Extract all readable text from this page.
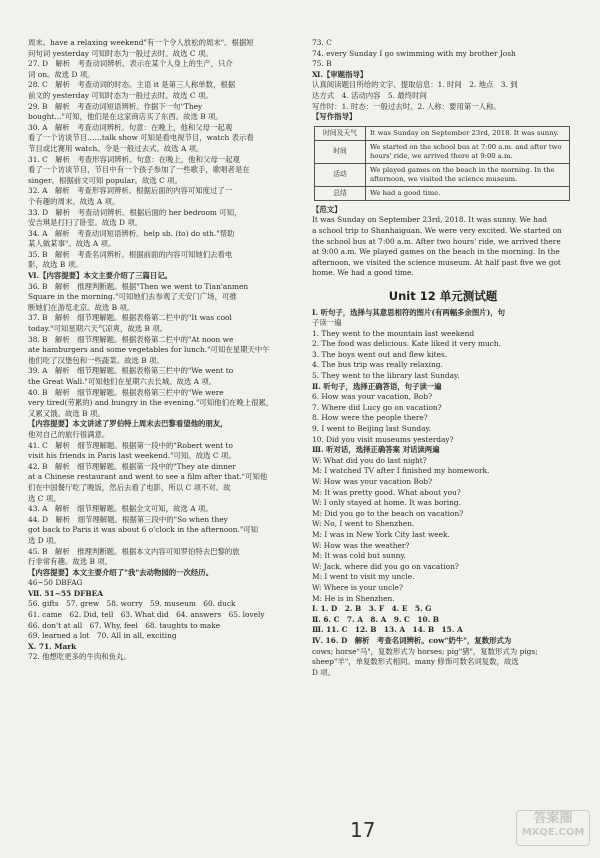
周末。have a relaxing weekend"有一个令人放松的周末"。根据短
问句词 yesterday 可知时态为一般过去时。故选 C 项。
27. D　解析　考查动词辨析。表示在某个人身上的生产，只介
词 on。故选 D 项。
28. C　解析　考查动词的时态。主语 it 是第三人称单数，根据
前文的 yesterday 可知时态为一般过去时。故选 C 项。
29. B　解析　考查动词短语辨析。作据下一句"They
bought..."可知，他们是在这家商店买了东西。故选 B 项。
30. A　解析　考查动词辨析。句意：在晚上，他和父母一起观
看了一个访谈节目……talk show 可知是看电视节目，watch 表示看
节目或比赛用 watch。令是一般过去式。故选 A 项。
31. C　解析　考查形容词辨析。句意：在晚上，他和父母一起观
看了一个访谈节目，节目中有一个孩子参加了一些歌手，歌唱者是在
singer。根据前文可知 popular。故选 C 项。
32. A　解析　考查形容词辨析。根据后面的内容可知度过了一
个有趣的周末。故选 A 项。
33. D　解析　考查动词辨析。根据后面的 her bedroom 可知，
安吉琪是打扫了卧室。故选 D 项。
34. A　解析　考查动词短语辨析。help sb. (to) do sth."帮助
某人做某事"。故选 A 项。
35. B　解析　考查名词辨析。根据前面的内容可知她们去看电
影，故选 B 项。
Ⅵ.【内容提要】本文主要介绍了三篇日记。
36. B　解析　推理判断题。根据"Then we went to Tian'anmen
Square in the morning."可知她们去参观了天安门广场，可推
断她们在游览北京。故选 B 项。
37. B　解析　细节理解题。根据表格第二栏中的"It was cool
today."可知星期六天气凉爽，故选 B 项。
38. B　解析　细节理解题。根据表格第二栏中的"At noon we
ate hamburgers and some vegetables for lunch."可知在星期天中午
他们吃了汉堡包和一些蔬菜。故选 B 项。
39. A　解析　细节理解题。根据表格第三栏中的"We went to
the Great Wall."可知他们在星期六去长城。故选 A 项。
40. B　解析　细节理解题。根据表格第三栏中的"We were
very tired(劳累的) and hungry in the evening."可知他们在晚上很累，
又累又饿。故选 B 项。
【内容提要】本文讲述了罗伯特上周末去巴黎看望他的朋友，
他对自己的旅行很满意。
41. C　解析　细节理解题。根据第一段中的"Robert went to
visit his friends in Paris last weekend."可知。故选 C 项。
42. B　解析　细节理解题。根据第一段中的"They ate dinner
at a Chinese restaurant and went to see a film after that."可知他
们在中国餐厅吃了晚饭，然后去看了电影，所以 C 项不对。故
选 C 项。
43. A　解析　细节理解题。根据全文可知，故选 A 项。
44. D　解析　细节理解题。根据第三段中的"So when they
got back to Paris it was about 6 o'clock in the afternoon."可知
选 D 项。
45. B　解析　推理判断题。根据本文内容可知罗伯特去巴黎的旅
行非常有趣。故选 B 项。
【内容提要】本文主要介绍了"我"去动物园的一次经历。
46~50 DBFAG
Ⅶ. 51~55 DFBEA
56. gifts　57. grew　58. worry　59. museum　60. duck
61. came　62. Did, tell　63. What did　64. answers　65. lovely
66. don't at all　67. Why, feel　68. taughts to make
69. learned a lot　70. All in all, exciting
Ⅹ. 71. Mark
72. 他想吃更多的牛肉和鱼丸。
73. C
74. every Sunday I go swimming with my brother Josh
75. B
Ⅺ.【审题指导】
认真阅读题目所给的文字、提取信息：1. 时间　2. 地点　3. 到
达方式　4. 活动内容　5. 最终时间
写作时：1. 时态：一般过去时。2. 人称：要用第一人称。
【写作指导】
时间及天气	It was Sunday on September 23rd, 2018. It was sunny.
时间	We started on the school bus at 7:00 a.m. and after two hours' ride, we arrived there at 9:00 a.m.
活动	We played games on the beach in the morning. In the afternoon, we visited the science museum.
总结	We had a good time.
【范文】
It was Sunday on September 23rd, 2018. It was sunny. We had
a school trip to Shanhaiguan. We were very excited. We started on
the school bus at 7:00 a.m. After two hours' ride, we arrived there
at 9:00 a.m. We played games on the beach in the morning. In the
afternoon, we visited the science museum. At half past five we got
home. We had a good time.
Unit 12 单元测试题
Ⅰ. 听句子，选择与其意思相符的图片(有两幅多余图片)，句
子读一遍
1. They went to the mountain last weekend
2. The food was delicious. Kate liked it very much.
3. The boys went out and flew kites.
4. The bus trip was really relaxing.
5. They went to the library last Sunday.
Ⅱ. 听句子，选择正确答语，句子读一遍
6. How was your vacation, Bob?
7. Where did Lucy go on vacation?
8. How were the people there?
9. I went to Beijing last Sunday.
10. Did you visit museums yesterday?
Ⅲ. 听对话，选择正确答案 对话读两遍
W: What did you do last night?
M: I watched TV after I finished my homework.
W: How was your vacation Bob?
M: It was pretty good. What about you?
W: I only stayed at home. It was boring.
M: Did you go to the beach on vacation?
W: No, I went to Shenzhen.
M: I was in New York City last week.
W: How was the weather?
M: It was cold but sunny.
W: Jack, where did you go on vacation?
M: I went to visit my uncle.
W: Where is your uncle?
M: He is in Shenzhen.
Ⅰ. 1. D　2. B　3. F　4. E　5. G
Ⅱ. 6. C　7. A　8. A　9. C　10. B
Ⅲ. 11. C　12. B　13. A　14. B　15. A
Ⅳ. 16. D　解析　考查名词辨析。cow"奶牛"，复数形式为
cows; horse"马"，复数形式为 horses; pig"猪"，复数形式为 pigs;
sheep"羊"，单复数形式相同。many 修饰可数名词复数，故选
D 项。
17	答案圈
MXQE.COM
